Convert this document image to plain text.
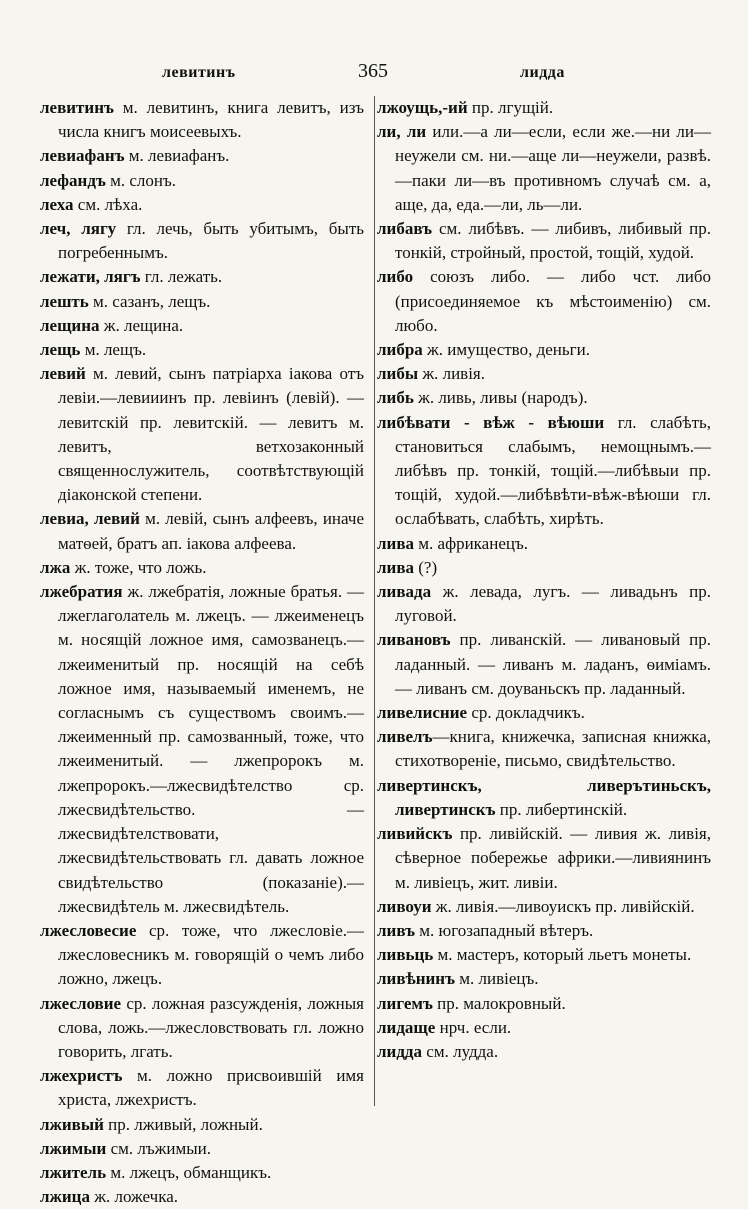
левитинъ	365	лидда

левитинъ м. левитинъ, книга левитъ, изъ числа книгъ моисеевыхъ.

левиафанъ м. левиафанъ.

лефандъ м. слонъ.

леха см. лѣха.

леч, лягу гл. лечь, быть убитымъ, быть погребеннымъ.

лежати, лягъ гл. лежать.

лешть м. сазанъ, лещъ.

лещина ж. лещина.

лещь м. лещъ.

левий м. левий, сынъ патріарха іакова отъ левіи.—левииинъ пр. левіинъ (левій). — левитскій пр. левитскій. — левитъ м. левитъ, ветхозаконный священнослужитель, соотвѣтствующій діаконской степени.

левиа, левий м. левій, сынъ алфеевъ, иначе матѳей, братъ ап. іакова алфеева.

лжа ж. тоже, что ложь.

лжебратия ж. лжебратія, ложные братья. — лжеглаголатель м. лжецъ. — лжеименецъ м. носящій ложное имя, самозванецъ.—лжеименитый пр. носящій на себѣ ложное имя, называемый именемъ, не согласнымъ съ существомъ своимъ.—лжеименный пр. самозванный, тоже, что лжеименитый. — лжепророкъ м. лжепророкъ.—лжесвидѣтелство ср. лжесвидѣтельство. — лжесвидѣтелствовати, лжесвидѣтельствовать гл. давать ложное свидѣтельство (показаніе).—лжесвидѣтель м. лжесвидѣтель.

лжесловесие ср. тоже, что лжесловіе.—лжесловесникъ м. говорящій о чемъ либо ложно, лжецъ.

лжесловие ср. ложная разсужденія, ложныя слова, ложь.—лжесловствовать гл. ложно говорить, лгать.

лжехристъ м. ложно присвоившій имя христа, лжехристъ.

лживый пр. лживый, ложный.

лжимыи см. лъжимыи.

лжитель м. лжецъ, обманщикъ.

лжица ж. ложечка.

лжоущь,-ий пр. лгущій.

ли, ли или.—а ли—если, если же.—ни ли—неужели см. ни.—аще ли—неужели, развѣ.—паки ли—въ противномъ случаѣ см. а, аще, да, еда.—ли, ль—ли.

либавъ см. либѣвъ. — либивъ, либивый пр. тонкій, стройный, простой, тощій, худой.

либо союзъ либо. — либо чст. либо (присоединяемое къ мѣстоименію) см. любо.

либра ж. имущество, деньги.

либы ж. ливія.

либь ж. ливь, ливы (народъ).

либѣвати - вѣж - вѣюши гл. слабѣть, становиться слабымъ, немощнымъ.—либѣвъ пр. тонкій, тощій.—либѣвыи пр. тощій, худой.—либѣвѣти-вѣж-вѣюши гл. ослабѣвать, слабѣть, хирѣть.

лива м. африканецъ.

лива (?)

ливада ж. левада, лугъ. — ливадьнъ пр. луговой.

ливановъ пр. ливанскій. — ливановый пр. ладанный. — ливанъ м. ладанъ, ѳиміамъ. — ливанъ см. доуваньскъ пр. ладанный.

ливелисние ср. докладчикъ.

ливелъ—книга, книжечка, записная книжка, стихотвореніе, письмо, свидѣтельство.

ливертинскъ, ливерътиньскъ, ливертинскъ пр. либертинскій.

ливийскъ пр. ливійскій. — ливия ж. ливія, сѣверное побережье африки.—ливиянинъ м. ливіецъ, жит. ливіи.

ливоуи ж. ливія.—ливоуискъ пр. ливійскій.

ливъ м. югозападный вѣтеръ.

ливьць м. мастеръ, который льетъ монеты.

ливѣнинъ м. ливіецъ.

лигемъ пр. малокровный.

лидаще нрч. если.

лидда см. лудда.
